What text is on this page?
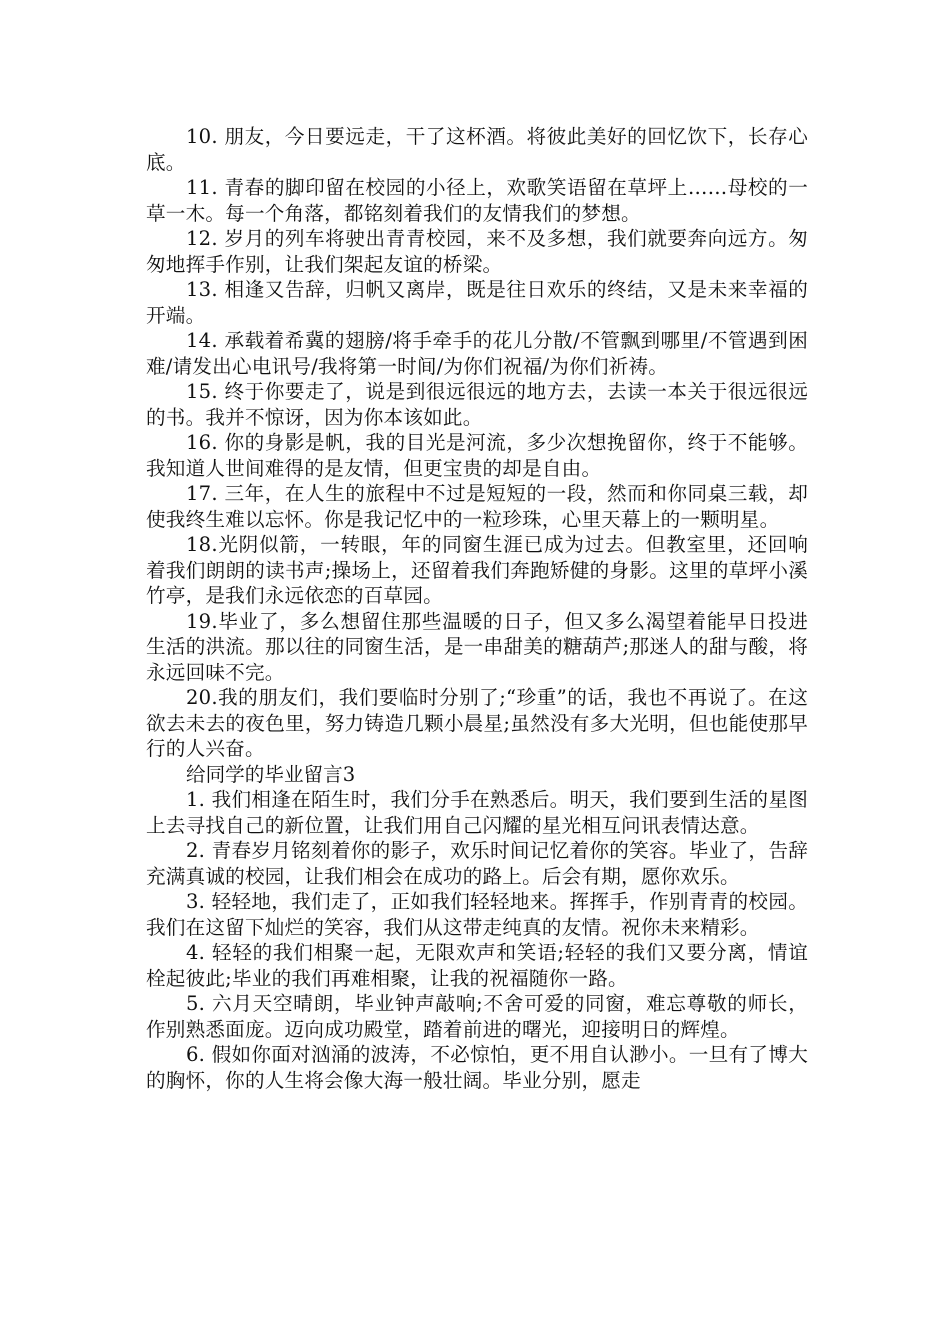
10. 朋友，今日要远走，干了这杯酒。将彼此美好的回忆饮下，长存心底。

11. 青春的脚印留在校园的小径上，欢歌笑语留在草坪上……母校的一草一木。每一个角落，都铭刻着我们的友情我们的梦想。

12. 岁月的列车将驶出青青校园，来不及多想，我们就要奔向远方。匆匆地挥手作别，让我们架起友谊的桥梁。

13. 相逢又告辞，归帆又离岸，既是往日欢乐的终结，又是未来幸福的开端。

14. 承载着希冀的翅膀/将手牵手的花儿分散/不管飘到哪里/不管遇到困难/请发出心电讯号/我将第一时间/为你们祝福/为你们祈祷。

15. 终于你要走了，说是到很远很远的地方去，去读一本关于很远很远的书。我并不惊讶，因为你本该如此。

16. 你的身影是帆，我的目光是河流，多少次想挽留你，终于不能够。我知道人世间难得的是友情，但更宝贵的却是自由。

17. 三年，在人生的旅程中不过是短短的一段，然而和你同桌三载，却使我终生难以忘怀。你是我记忆中的一粒珍珠，心里天幕上的一颗明星。

18.光阴似箭，一转眼，年的同窗生涯已成为过去。但教室里，还回响着我们朗朗的读书声;操场上，还留着我们奔跑矫健的身影。这里的草坪小溪竹亭，是我们永远依恋的百草园。

19.毕业了，多么想留住那些温暖的日子，但又多么渴望着能早日投进生活的洪流。那以往的同窗生活，是一串甜美的糖葫芦;那迷人的甜与酸，将永远回味不完。

20.我的朋友们，我们要临时分别了;“珍重”的话，我也不再说了。在这欲去未去的夜色里，努力铸造几颗小晨星;虽然没有多大光明，但也能使那早行的人兴奋。

给同学的毕业留言3

1. 我们相逢在陌生时，我们分手在熟悉后。明天，我们要到生活的星图上去寻找自己的新位置，让我们用自己闪耀的星光相互问讯表情达意。

2. 青春岁月铭刻着你的影子，欢乐时间记忆着你的笑容。毕业了，告辞充满真诚的校园，让我们相会在成功的路上。后会有期，愿你欢乐。

3. 轻轻地，我们走了，正如我们轻轻地来。挥挥手，作别青青的校园。我们在这留下灿烂的笑容，我们从这带走纯真的友情。祝你未来精彩。

4. 轻轻的我们相聚一起，无限欢声和笑语;轻轻的我们又要分离，情谊栓起彼此;毕业的我们再难相聚，让我的祝福随你一路。

5. 六月天空晴朗，毕业钟声敲响;不舍可爱的同窗，难忘尊敬的师长，作别熟悉面庞。迈向成功殿堂，踏着前进的曙光，迎接明日的辉煌。

6. 假如你面对汹涌的波涛，不必惊怕，更不用自认渺小。一旦有了博大的胸怀，你的人生将会像大海一般壮阔。毕业分别，愿走
